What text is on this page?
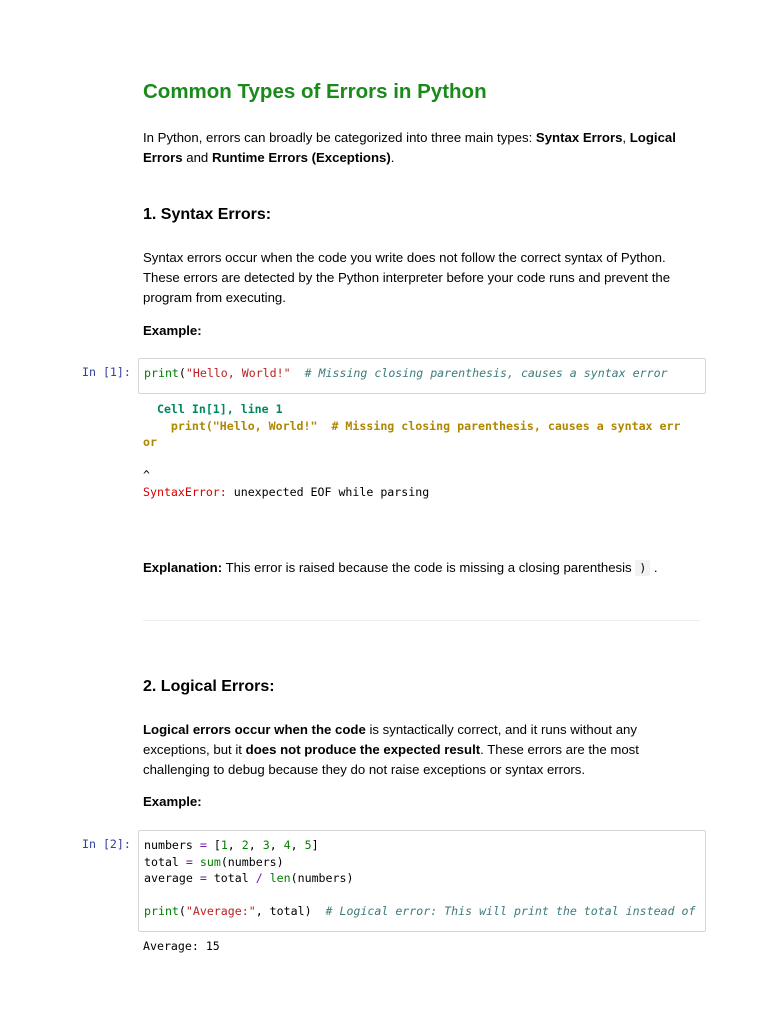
Common Types of Errors in Python
In Python, errors can broadly be categorized into three main types: Syntax Errors, Logical Errors and Runtime Errors (Exceptions).
1. Syntax Errors:
Syntax errors occur when the code you write does not follow the correct syntax of Python. These errors are detected by the Python interpreter before your code runs and prevent the program from executing.
Example:
In [1]: print("Hello, World!" # Missing closing parenthesis, causes a syntax error
Cell In[1], line 1
print("Hello, World!"  # Missing closing parenthesis, causes a syntax err
or
^
SyntaxError: unexpected EOF while parsing
Explanation: This error is raised because the code is missing a closing parenthesis ) .
2. Logical Errors:
Logical errors occur when the code is syntactically correct, and it runs without any exceptions, but it does not produce the expected result. These errors are the most challenging to debug because they do not raise exceptions or syntax errors.
Example:
In [2]: numbers = [1, 2, 3, 4, 5]
total = sum(numbers)
average = total / len(numbers)
print("Average:", total)  # Logical error: This will print the total instead of
Average: 15
